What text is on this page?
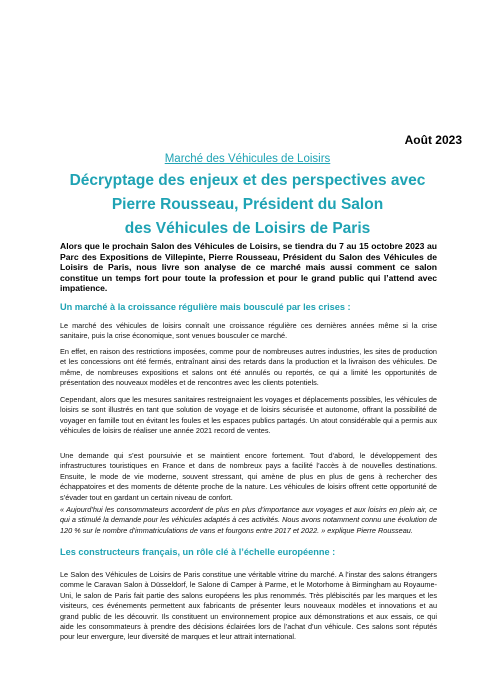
Août 2023
Marché des Véhicules de Loisirs
Décryptage des enjeux et des perspectives avec
Pierre Rousseau, Président du Salon
des Véhicules de Loisirs de Paris
Alors que le prochain Salon des Véhicules de Loisirs, se tiendra du 7 au 15 octobre 2023 au Parc des Expositions de Villepinte, Pierre Rousseau, Président du Salon des Véhicules de Loisirs de Paris, nous livre son analyse de ce marché mais aussi comment ce salon constitue un temps fort pour toute la profession et pour le grand public qui l’attend avec impatience.
Un marché à la croissance régulière mais bousculé par les crises :
Le marché des véhicules de loisirs connaît une croissance régulière ces dernières années même si la crise sanitaire, puis la crise économique, sont venues bousculer ce marché.
En effet, en raison des restrictions imposées, comme pour de nombreuses autres industries, les sites de production et les concessions ont été fermés, entraînant ainsi des retards dans la production et la livraison des véhicules. De même, de nombreuses expositions et salons ont été annulés ou reportés, ce qui a limité les opportunités de présentation des nouveaux modèles et de rencontres avec les clients potentiels.
Cependant, alors que les mesures sanitaires restreignaient les voyages et déplacements possibles, les véhicules de loisirs se sont illustrés en tant que solution de voyage et de loisirs sécurisée et autonome, offrant la possibilité de voyager en famille tout en évitant les foules et les espaces publics partagés. Un atout considérable qui a permis aux véhicules de loisirs de réaliser une année 2021 record de ventes.
Une demande qui s’est poursuivie et se maintient encore fortement. Tout d’abord, le développement des infrastructures touristiques en France et dans de nombreux pays a facilité l’accès à de nouvelles destinations. Ensuite, le mode de vie moderne, souvent stressant, qui amène de plus en plus de gens à rechercher des échappatoires et des moments de détente proche de la nature. Les véhicules de loisirs offrent cette opportunité de s’évader tout en gardant un certain niveau de confort.
« Aujourd’hui les consommateurs accordent de plus en plus d’importance aux voyages et aux loisirs en plein air, ce qui a stimulé la demande pour les véhicules adaptés à ces activités. Nous avons notamment connu une évolution de 120 % sur le nombre d’immatriculations de vans et fourgons entre 2017 et 2022. » explique Pierre Rousseau.
Les constructeurs français, un rôle clé à l’échelle européenne :
Le Salon des Véhicules de Loisirs de Paris constitue une véritable vitrine du marché. A l’instar des salons étrangers comme le Caravan Salon à Düsseldorf, le Salone di Camper à Parme, et le Motorhome à Birmingham au Royaume-Uni, le salon de Paris fait partie des salons européens les plus renommés. Très plébiscités par les marques et les visiteurs, ces événements permettent aux fabricants de présenter leurs nouveaux modèles et innovations et au grand public de les découvrir. Ils constituent un environnement propice aux démonstrations et aux essais, ce qui aide les consommateurs à prendre des décisions éclairées lors de l’achat d’un véhicule. Ces salons sont réputés pour leur envergure, leur diversité de marques et leur attrait international.
